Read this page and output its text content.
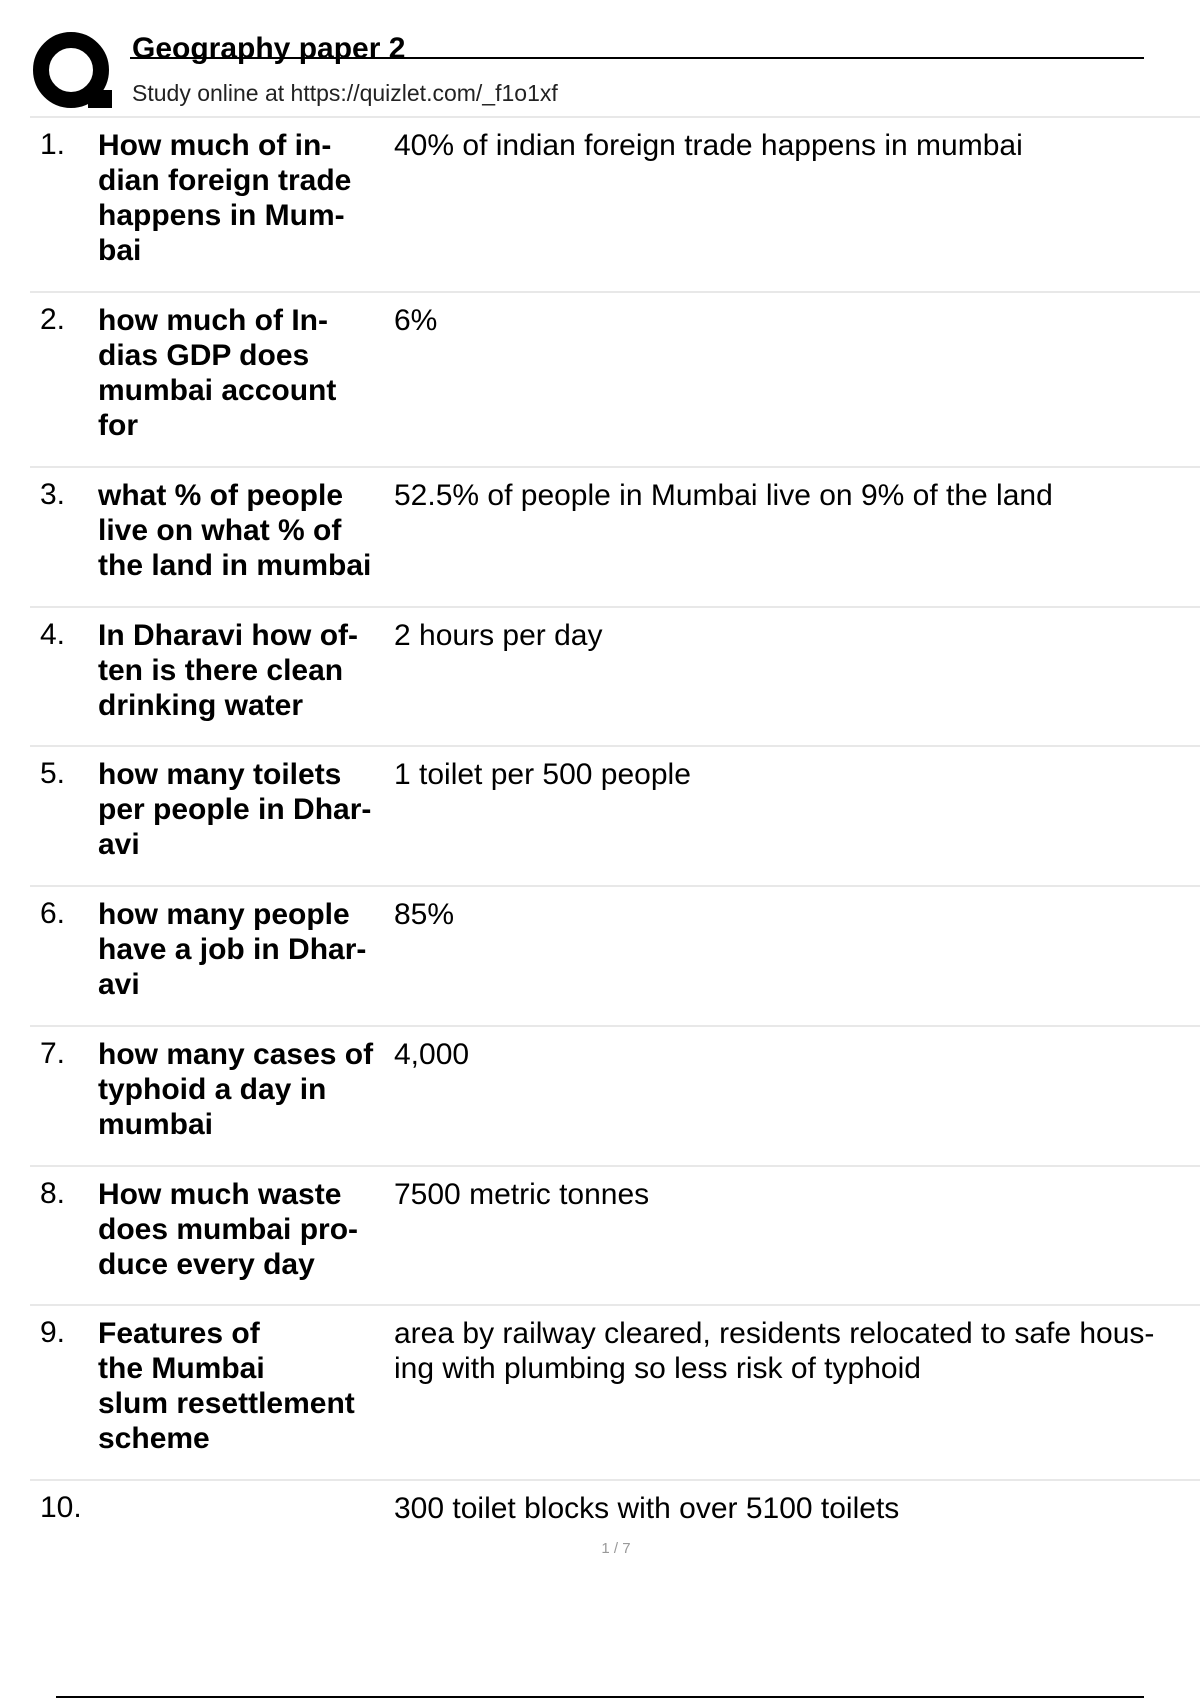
Geography paper 2
Study online at https://quizlet.com/_f1o1xf
1. How much of in-
dian foreign trade
happens in Mum-
bai
40% of indian foreign trade happens in mumbai
2. how much of In-
dias GDP does
mumbai account
for
6%
3. what % of people
live on what % of
the land in mumbai
52.5% of people in Mumbai live on 9% of the land
4. In Dharavi how of-
ten is there clean
drinking water
2 hours per day
5. how many toilets
per people in Dhar-
avi
1 toilet per 500 people
6. how many people
have a job in Dhar-
avi
85%
7. how many cases of
typhoid a day in
mumbai
4,000
8. How much waste
does mumbai pro-
duce every day
7500 metric tonnes
9. Features of
the Mumbai
slum resettlement
scheme
area by railway cleared, residents relocated to safe hous-
ing with plumbing so less risk of typhoid
10.	300 toilet blocks with over 5100 toilets
1 / 7
